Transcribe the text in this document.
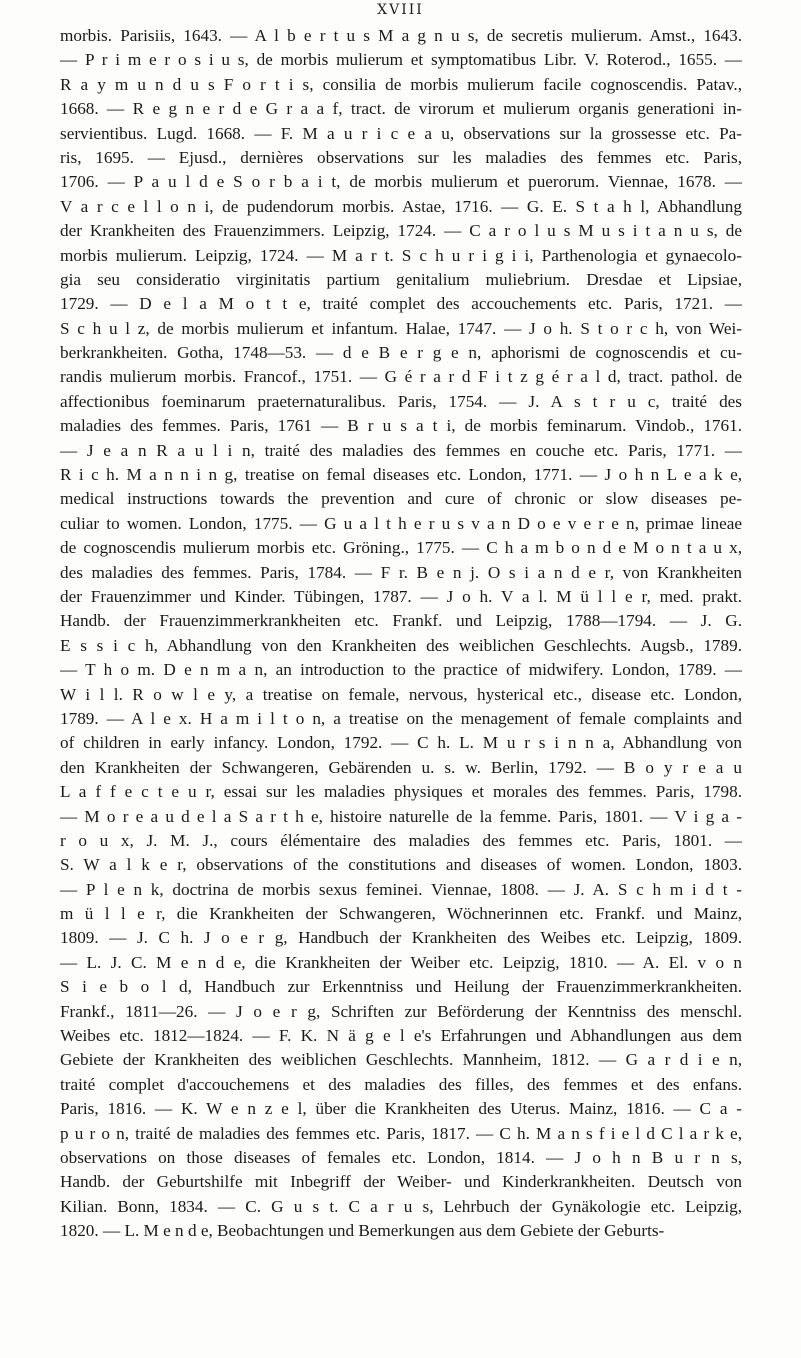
XVIII
morbis. Parisiis, 1643. — A l b e r t u s M a g n u s, de secretis mulierum. Amst., 1643.
— P r i m e r o s i u s, de morbis mulierum et symptomatibus Libr. V. Roterod., 1655. —
R a y m u n d u s F o r t i s, consilia de morbis mulierum facile cognoscendis. Patav.,
1668. — R e g n e r d e G r a a f, tract. de virorum et mulierum organis generationi in-
servientibus. Lugd. 1668. — F. M a u r i c e a u, observations sur la grossesse etc. Pa-
ris, 1695. — Ejusd., dernières observations sur les maladies des femmes etc. Paris,
1706. — P a u l d e S o r b a i t, de morbis mulierum et puerorum. Viennae, 1678. —
V a r c e l l o n i, de pudendorum morbis. Astae, 1716. — G. E. S t a h l, Abhandlung
der Krankheiten des Frauenzimmers. Leipzig, 1724. — C a r o l u s M u s i t a n u s, de
morbis mulierum. Leipzig, 1724. — M a r t. S c h u r i g i i, Parthenologia et gynaecolo-
gia seu consideratio virginitatis partium genitalium muliebrium. Dresdae et Lipsiae,
1729. — D e l a M o t t e, traité complet des accouchements etc. Paris, 1721. —
S c h u l z, de morbis mulierum et infantum. Halae, 1747. — J o h. S t o r c h, von Wei-
berkrankheiten. Gotha, 1748—53. — d e B e r g e n, aphorismi de cognoscendis et cu-
randis mulierum morbis. Francof., 1751. — G é r a r d F i t z g é r a l d, tract. pathol. de
affectionibus foeminarum praeternaturalibus. Paris, 1754. — J. A s t r u c, traité des
maladies des femmes. Paris, 1761 — B r u s a t i, de morbis feminarum. Vindob., 1761.
— J e a n R a u l i n, traité des maladies des femmes en couche etc. Paris, 1771. —
R i c h. M a n n i n g, treatise on femal diseases etc. London, 1771. — J o h n L e a k e,
medical instructions towards the prevention and cure of chronic or slow diseases pe-
culiar to women. London, 1775. — G u a l t h e r u s v a n D o e v e r e n, primae lineae
de cognoscendis mulierum morbis etc. Gröning., 1775. — C h a m b o n d e M o n t a u x,
des maladies des femmes. Paris, 1784. — F r. B e n j. O s i a n d e r, von Krankheiten
der Frauenzimmer und Kinder. Tübingen, 1787. — J o h. V a l. M ü l l e r, med. prakt.
Handb. der Frauenzimmerkrankheiten etc. Frankf. und Leipzig, 1788—1794. — J. G.
E s s i c h, Abhandlung von den Krankheiten des weiblichen Geschlechts. Augsb., 1789.
— T h o m. D e n m a n, an introduction to the practice of midwifery. London, 1789. —
W i l l. R o w l e y, a treatise on female, nervous, hysterical etc., disease etc. London,
1789. — A l e x. H a m i l t o n, a treatise on the menagement of female complaints and
of children in early infancy. London, 1792. — C h. L. M u r s i n n a, Abhandlung von
den Krankheiten der Schwangeren, Gebärenden u. s. w. Berlin, 1792. — B o y r e a u
L a f f e c t e u r, essai sur les maladies physiques et morales des femmes. Paris, 1798.
— M o r e a u d e l a S a r t h e, histoire naturelle de la femme. Paris, 1801. — V i g a -
r o u x, J. M. J., cours élémentaire des maladies des femmes etc. Paris, 1801. —
S. W a l k e r, observations of the constitutions and diseases of women. London, 1803.
— P l e n k, doctrina de morbis sexus feminei. Viennae, 1808. — J. A. S c h m i d t -
m ü l l e r, die Krankheiten der Schwangeren, Wöchnerinnen etc. Frankf. und Mainz,
1809. — J. C h. J o e r g, Handbuch der Krankheiten des Weibes etc. Leipzig, 1809.
— L. J. C. M e n d e, die Krankheiten der Weiber etc. Leipzig, 1810. — A. El. v o n
S i e b o l d, Handbuch zur Erkenntniss und Heilung der Frauenzimmerkrankheiten.
Frankf., 1811—26. — J o e r g, Schriften zur Beförderung der Kenntniss des menschl.
Weibes etc. 1812—1824. — F. K. N ä g e l e's Erfahrungen und Abhandlungen aus dem
Gebiete der Krankheiten des weiblichen Geschlechts. Mannheim, 1812. — G a r d i e n,
traité complet d'accouchemens et des maladies des filles, des femmes et des enfans.
Paris, 1816. — K. W e n z e l, über die Krankheiten des Uterus. Mainz, 1816. — C a -
p u r o n, traité de maladies des femmes etc. Paris, 1817. — C h. M a n s f i e l d C l a r k e,
observations on those diseases of females etc. London, 1814. — J o h n B u r n s,
Handb. der Geburtshilfe mit Inbegriff der Weiber- und Kinderkrankheiten. Deutsch von
Kilian. Bonn, 1834. — C. G u s t. C a r u s, Lehrbuch der Gynäkologie etc. Leipzig,
1820. — L. M e n d e, Beobachtungen und Bemerkungen aus dem Gebiete der Geburts-
